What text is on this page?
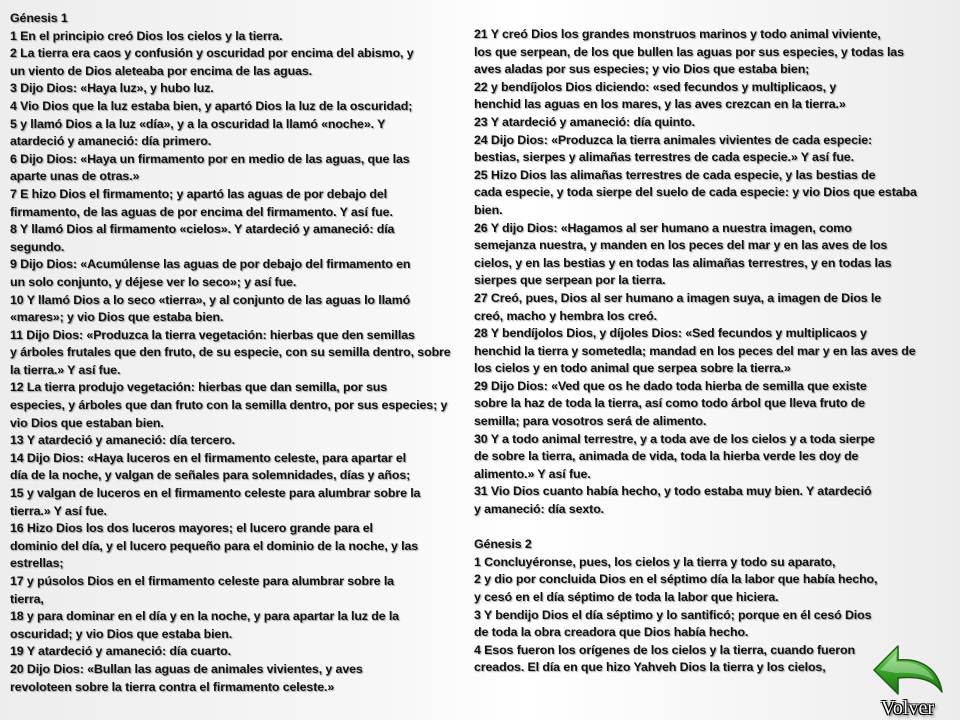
Génesis 1
1 En el principio creó Dios los cielos y la tierra.
2 La tierra era caos y confusión y oscuridad por encima del abismo, y
un viento de Dios aleteaba por encima de las aguas.
3 Dijo Dios: «Haya luz», y hubo luz.
4 Vio Dios que la luz estaba bien, y apartó Dios la luz de la oscuridad;
5 y llamó Dios a la luz «día», y a la oscuridad la llamó «noche». Y
atardeció y amaneció: día primero.
6 Dijo Dios: «Haya un firmamento por en medio de las aguas, que las
aparte unas de otras.»
7 E hizo Dios el firmamento; y apartó las aguas de por debajo del
firmamento, de las aguas de por encima del firmamento. Y así fue.
8 Y llamó Dios al firmamento «cielos». Y atardeció y amaneció: día
segundo.
9 Dijo Dios: «Acumúlense las aguas de por debajo del firmamento en
un solo conjunto, y déjese ver lo seco»; y así fue.
10 Y llamó Dios a lo seco «tierra», y al conjunto de las aguas lo llamó
«mares»; y vio Dios que estaba bien.
11 Dijo Dios: «Produzca la tierra vegetación: hierbas que den semillas
y árboles frutales que den fruto, de su especie, con su semilla dentro, sobre
la tierra.» Y así fue.
12 La tierra produjo vegetación: hierbas que dan semilla, por sus
especies, y árboles que dan fruto con la semilla dentro, por sus especies; y
vio Dios que estaban bien.
13 Y atardeció y amaneció: día tercero.
14 Dijo Dios: «Haya luceros en el firmamento celeste, para apartar el
día de la noche, y valgan de señales para solemnidades, días y años;
15 y valgan de luceros en el firmamento celeste para alumbrar sobre la
tierra.» Y así fue.
16 Hizo Dios los dos luceros mayores; el lucero grande para el
dominio del día, y el lucero pequeño para el dominio de la noche, y las
estrellas;
17 y púsolos Dios en el firmamento celeste para alumbrar sobre la
tierra,
18 y para dominar en el día y en la noche, y para apartar la luz de la
oscuridad; y vio Dios que estaba bien.
19 Y atardeció y amaneció: día cuarto.
20 Dijo Dios: «Bullan las aguas de animales vivientes, y aves
revoloteen sobre la tierra contra el firmamento celeste.»
21 Y creó Dios los grandes monstruos marinos y todo animal viviente,
los que serpean, de los que bullen las aguas por sus especies, y todas las
aves aladas por sus especies; y vio Dios que estaba bien;
22 y bendíjolos Dios diciendo: «sed fecundos y multiplicaos, y
henchid las aguas en los mares, y las aves crezcan en la tierra.»
23 Y atardeció y amaneció: día quinto.
24 Dijo Dios: «Produzca la tierra animales vivientes de cada especie:
bestias, sierpes y alimañas terrestres de cada especie.» Y así fue.
25 Hizo Dios las alimañas terrestres de cada especie, y las bestias de
cada especie, y toda sierpe del suelo de cada especie: y vio Dios que estaba
bien.
26 Y dijo Dios: «Hagamos al ser humano a nuestra imagen, como
semejanza nuestra, y manden en los peces del mar y en las aves de los
cielos, y en las bestias y en todas las alimañas terrestres, y en todas las
sierpes que serpean por la tierra.
27 Creó, pues, Dios al ser humano a imagen suya, a imagen de Dios le
creó, macho y hembra los creó.
28 Y bendíjolos Dios, y díjoles Dios: «Sed fecundos y multiplicaos y
henchid la tierra y sometedla; mandad en los peces del mar y en las aves de
los cielos y en todo animal que serpea sobre la tierra.»
29 Dijo Dios: «Ved que os he dado toda hierba de semilla que existe
sobre la haz de toda la tierra, así como todo árbol que lleva fruto de
semilla; para vosotros será de alimento.
30 Y a todo animal terrestre, y a toda ave de los cielos y a toda sierpe
de sobre la tierra, animada de vida, toda la hierba verde les doy de
alimento.» Y así fue.
31 Vio Dios cuanto había hecho, y todo estaba muy bien. Y atardeció
y amaneció: día sexto.
Génesis 2
1 Concluyéronse, pues, los cielos y la tierra y todo su aparato,
2 y dio por concluida Dios en el séptimo día la labor que había hecho,
y cesó en el día séptimo de toda la labor que hiciera.
3 Y bendijo Dios el día séptimo y lo santificó; porque en él cesó Dios
de toda la obra creadora que Dios había hecho.
4 Esos fueron los orígenes de los cielos y la tierra, cuando fueron
creados. El día en que hizo Yahveh Dios la tierra y los cielos,
Volver
